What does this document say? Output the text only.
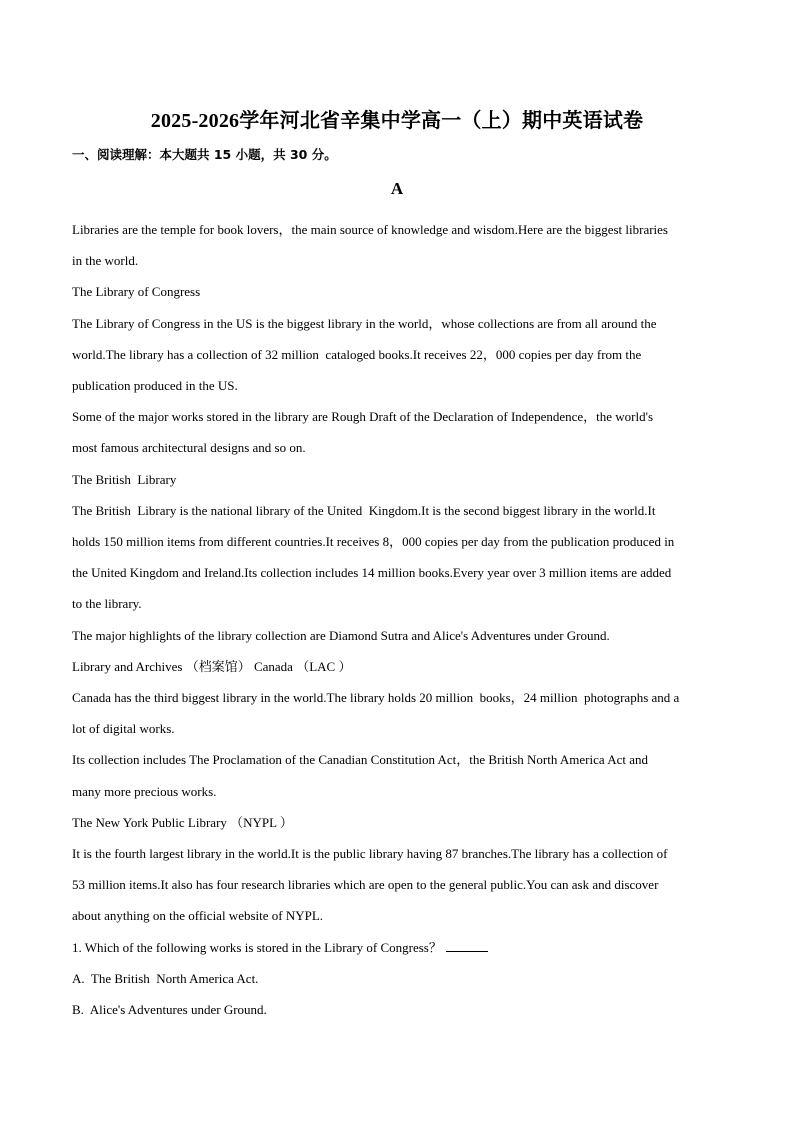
2025-2026学年河北省辛集中学高一（上）期中英语试卷
一、阅读理解：本大题共 15 小题，共 30 分。
A

Libraries are the temple for book lovers，the main source of knowledge and wisdom.Here are the biggest libraries

in the world.

The Library of Congress

The Library of Congress in the US is the biggest library in the world，whose collections are from all around the

world.The library has a collection of 32 million  cataloged books.It receives 22，000 copies per day from the

publication produced in the US.

Some of the major works stored in the library are Rough Draft of the Declaration of Independence，the world's

most famous architectural designs and so on.

The British  Library

The British  Library is the national library of the United  Kingdom.It is the second biggest library in the world.It

holds 150 million items from different countries.It receives 8，000 copies per day from the publication produced in

the United Kingdom and Ireland.Its collection includes 14 million books.Every year over 3 million items are added

to the library.

The major highlights of the library collection are Diamond Sutra and Alice's Adventures under Ground.

Library and Archives （档案馆） Canada （LAC ）

Canada has the third biggest library in the world.The library holds 20 million  books，24 million  photographs and a

lot of digital works.

Its collection includes The Proclamation of the Canadian Constitution Act，the British North America Act and

many more precious works.

The New York Public Library （NYPL ）

It is the fourth largest library in the world.It is the public library having 87 branches.The library has a collection of

53 million items.It also has four research libraries which are open to the general public.You can ask and discover

about anything on the official website of NYPL.

1. Which of the following works is stored in the Library of Congress？

A.  The British  North America Act.

B.  Alice's Adventures under Ground.
